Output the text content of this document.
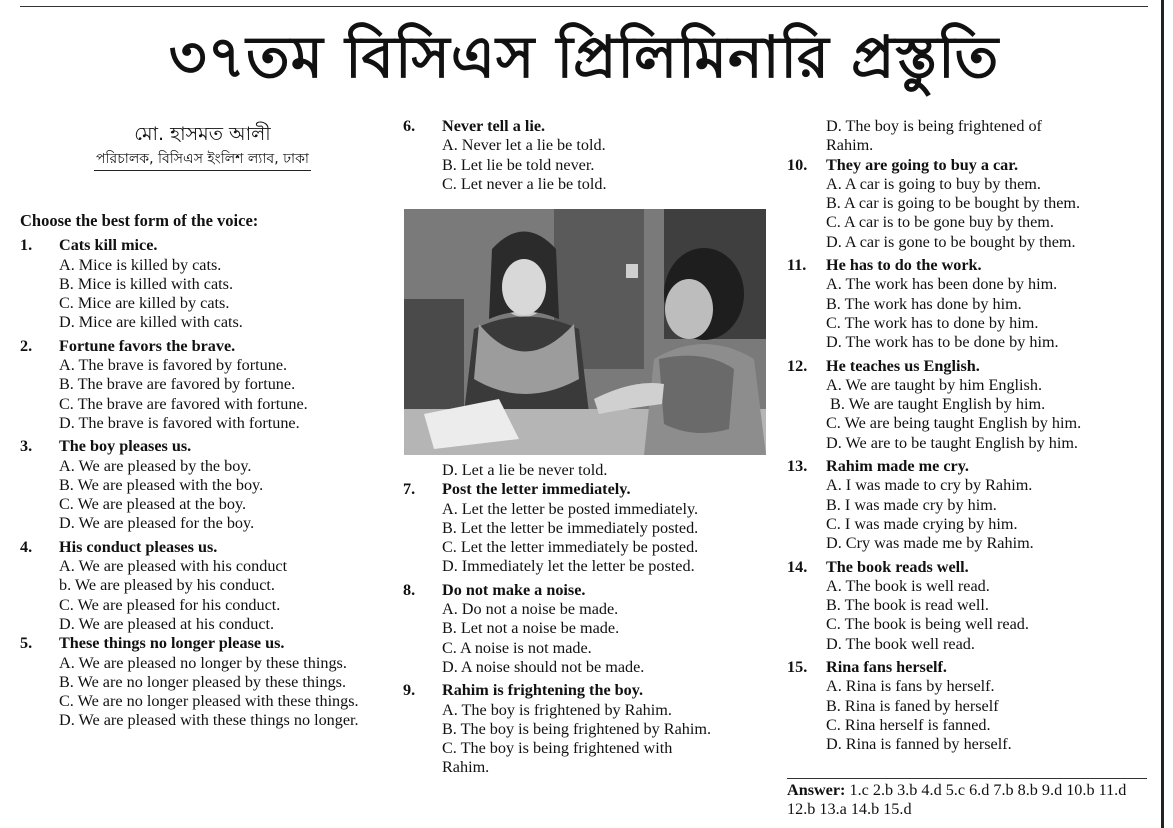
৩৭তম বিসিএস প্রিলিমিনারি প্রস্তুতি
মো. হাসমত আলী
পরিচালক, বিসিএস ইংলিশ ল্যাব, ঢাকা
Choose the best form of the voice:
1.	Cats kill mice.
A. Mice is killed by cats.
B. Mice is killed with cats.
C. Mice are killed by cats.
D. Mice are killed with cats.
2.	Fortune favors the brave.
A. The brave is favored by fortune.
B. The brave are favored by fortune.
C. The brave are favored with fortune.
D. The brave is favored with fortune.
3.	The boy pleases us.
A. We are pleased by the boy.
B. We are pleased with the boy.
C. We are pleased at the boy.
D. We are pleased for the boy.
4.	His conduct pleases us.
A. We are pleased with his conduct
b. We are pleased by his conduct.
C. We are pleased for his conduct.
D. We are pleased at his conduct.
5.	These things no longer please us.
A. We are pleased no longer by these things.
B. We are no longer pleased by these things.
C. We are no longer pleased with these things.
D. We are pleased with these things no longer.
6.	Never tell a lie.
A. Never let a lie be told.
B. Let lie be told never.
C. Let never a lie be told.
D. Let a lie be never told.
7.	Post the letter immediately.
A. Let the letter be posted immediately.
B. Let the letter be immediately posted.
C. Let the letter immediately be posted.
D. Immediately let the letter be posted.
8.	Do not make a noise.
A. Do not a noise be made.
B. Let not a noise be made.
C. A noise is not made.
D. A noise should not be made.
9.	Rahim is frightening the boy.
A. The boy is frightened by Rahim.
B. The boy is being frightened by Rahim.
C. The boy is being frightened with Rahim.
D. The boy is being frightened of Rahim.
10.	They are going to buy a car.
A. A car is going to buy by them.
B. A car is going to be bought by them.
C. A car is to be gone buy by them.
D. A car is gone to be bought by them.
11.	He has to do the work.
A. The work has been done by him.
B. The work has done by him.
C. The work has to done by him.
D. The work has to be done by him.
12.	He teaches us English.
A. We are taught by him English.
B. We are taught English by him.
C. We are being taught English by him.
D. We are to be taught English by him.
13.	Rahim made me cry.
A. I was made to cry by Rahim.
B. I was made cry by him.
C. I was made crying by him.
D. Cry was made me by Rahim.
14.	The book reads well.
A. The book is well read.
B. The book is read well.
C. The book is being well read.
D. The book well read.
15.	Rina fans herself.
A. Rina is fans by herself.
B. Rina is faned by herself
C. Rina herself is fanned.
D. Rina is fanned by herself.
Answer: 1.c 2.b 3.b 4.d 5.c 6.d 7.b 8.b 9.d 10.b 11.d 12.b 13.a 14.b 15.d
